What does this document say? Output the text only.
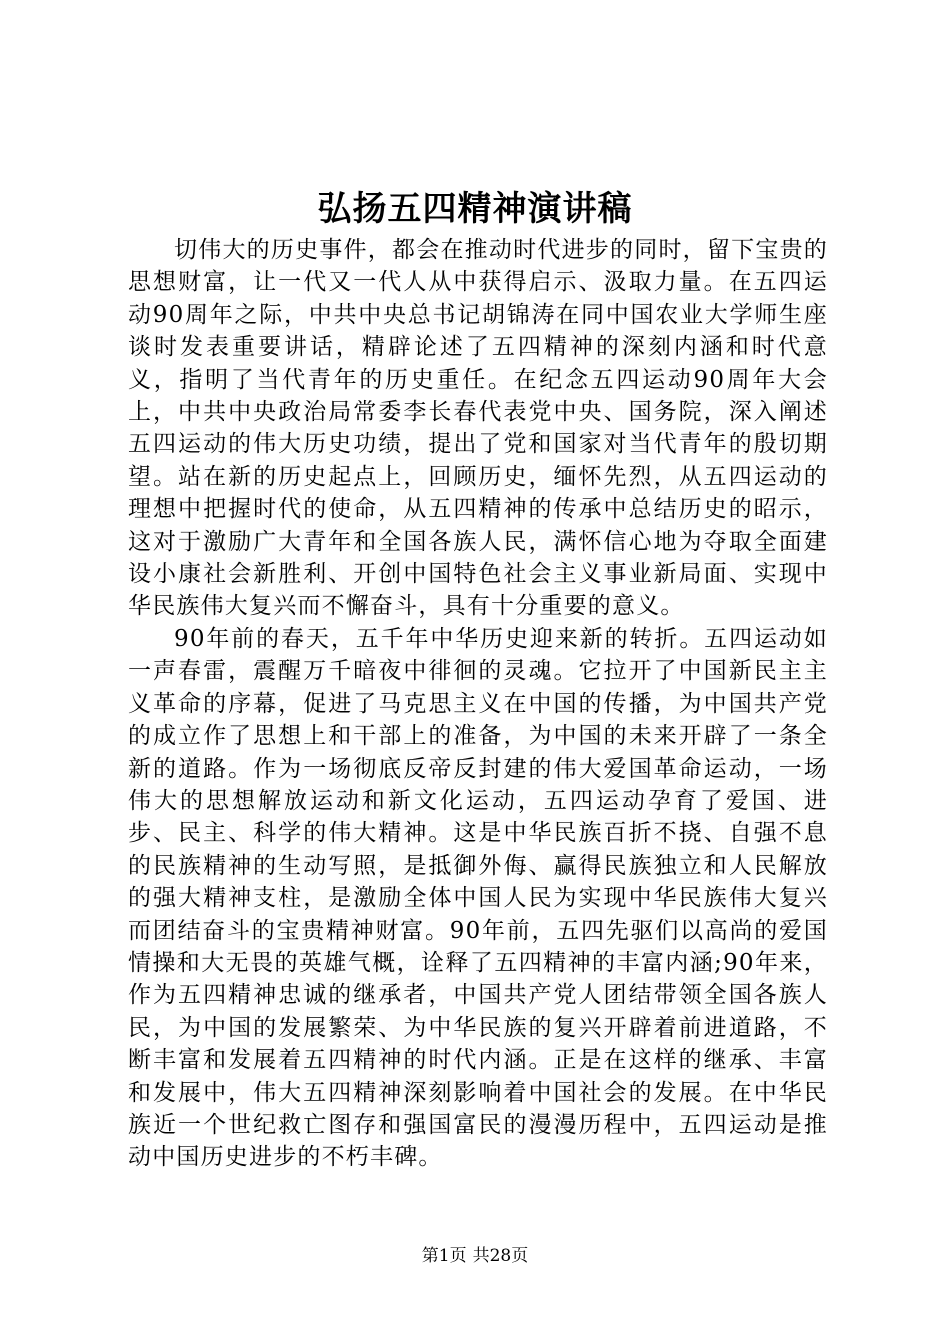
弘扬五四精神演讲稿

切伟大的历史事件，都会在推动时代进步的同时，留下宝贵的思想财富，让一代又一代人从中获得启示、汲取力量。在五四运动90周年之际，中共中央总书记胡锦涛在同中国农业大学师生座谈时发表重要讲话，精辟论述了五四精神的深刻内涵和时代意义，指明了当代青年的历史重任。在纪念五四运动90周年大会上，中共中央政治局常委李长春代表党中央、国务院，深入阐述五四运动的伟大历史功绩，提出了党和国家对当代青年的殷切期望。站在新的历史起点上，回顾历史，缅怀先烈，从五四运动的理想中把握时代的使命，从五四精神的传承中总结历史的昭示，这对于激励广大青年和全国各族人民，满怀信心地为夺取全面建设小康社会新胜利、开创中国特色社会主义事业新局面、实现中华民族伟大复兴而不懈奋斗，具有十分重要的意义。

90年前的春天，五千年中华历史迎来新的转折。五四运动如一声春雷，震醒万千暗夜中徘徊的灵魂。它拉开了中国新民主主义革命的序幕，促进了马克思主义在中国的传播，为中国共产党的成立作了思想上和干部上的准备，为中国的未来开辟了一条全新的道路。作为一场彻底反帝反封建的伟大爱国革命运动，一场伟大的思想解放运动和新文化运动，五四运动孕育了爱国、进步、民主、科学的伟大精神。这是中华民族百折不挠、自强不息的民族精神的生动写照，是抵御外侮、赢得民族独立和人民解放的强大精神支柱，是激励全体中国人民为实现中华民族伟大复兴而团结奋斗的宝贵精神财富。90年前，五四先驱们以高尚的爱国情操和大无畏的英雄气概，诠释了五四精神的丰富内涵;90年来，作为五四精神忠诚的继承者，中国共产党人团结带领全国各族人民，为中国的发展繁荣、为中华民族的复兴开辟着前进道路，不断丰富和发展着五四精神的时代内涵。正是在这样的继承、丰富和发展中，伟大五四精神深刻影响着中国社会的发展。在中华民族近一个世纪救亡图存和强国富民的漫漫历程中，五四运动是推动中国历史进步的不朽丰碑。

第1页 共28页
